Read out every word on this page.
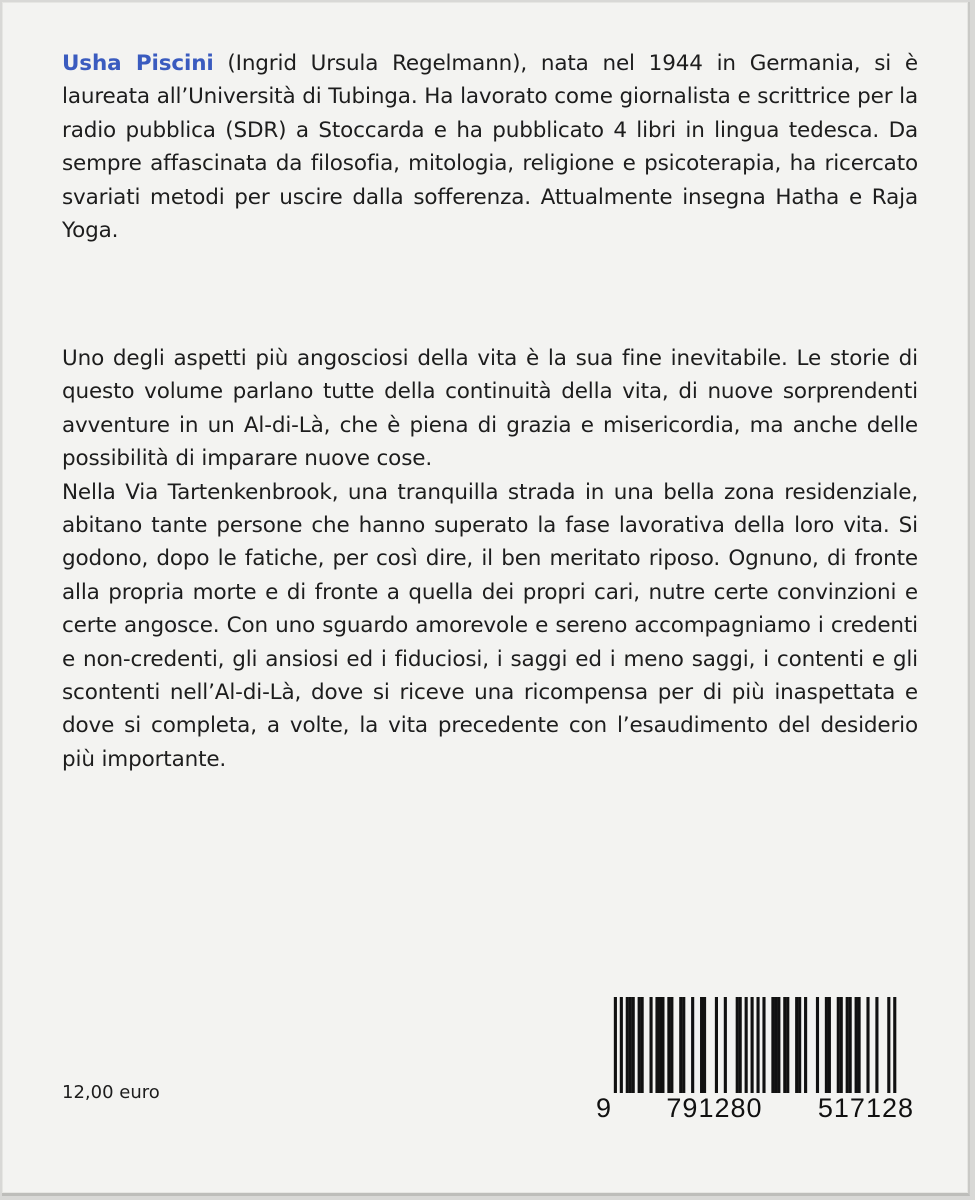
Usha Piscini (Ingrid Ursula Regelmann), nata nel 1944 in Germania, si è laureata all’Università di Tubinga. Ha lavorato come giornalista e scrittrice per la radio pubblica (SDR) a Stoccarda e ha pubblicato 4 libri in lingua tedesca. Da sempre affascinata da filosofia, mitologia, religione e psicoterapia, ha ricercato svariati metodi per uscire dalla sofferenza. Attualmente insegna Hatha e Raja Yoga.

Uno degli aspetti più angosciosi della vita è la sua fine inevitabile. Le storie di questo volume parlano tutte della continuità della vita, di nuove sorprendenti avventure in un Al-di-Là, che è piena di grazia e misericordia, ma anche delle possibilità di imparare nuove cose.

Nella Via Tartenkenbrook, una tranquilla strada in una bella zona residenziale, abitano tante persone che hanno superato la fase lavorativa della loro vita. Si godono, dopo le fatiche, per così dire, il ben meritato riposo. Ognuno, di fronte alla propria morte e di fronte a quella dei propri cari, nutre certe convinzioni e certe angosce. Con uno sguardo amorevole e sereno accompagniamo i credenti e non-credenti, gli ansiosi ed i fiduciosi, i saggi ed i meno saggi, i contenti e gli scontenti nell’Al-di-Là, dove si riceve una ricompensa per di più inaspettata e dove si completa, a volte, la vita precedente con l’esaudimento del desiderio più importante.

9 791280 517128
12,00 euro
